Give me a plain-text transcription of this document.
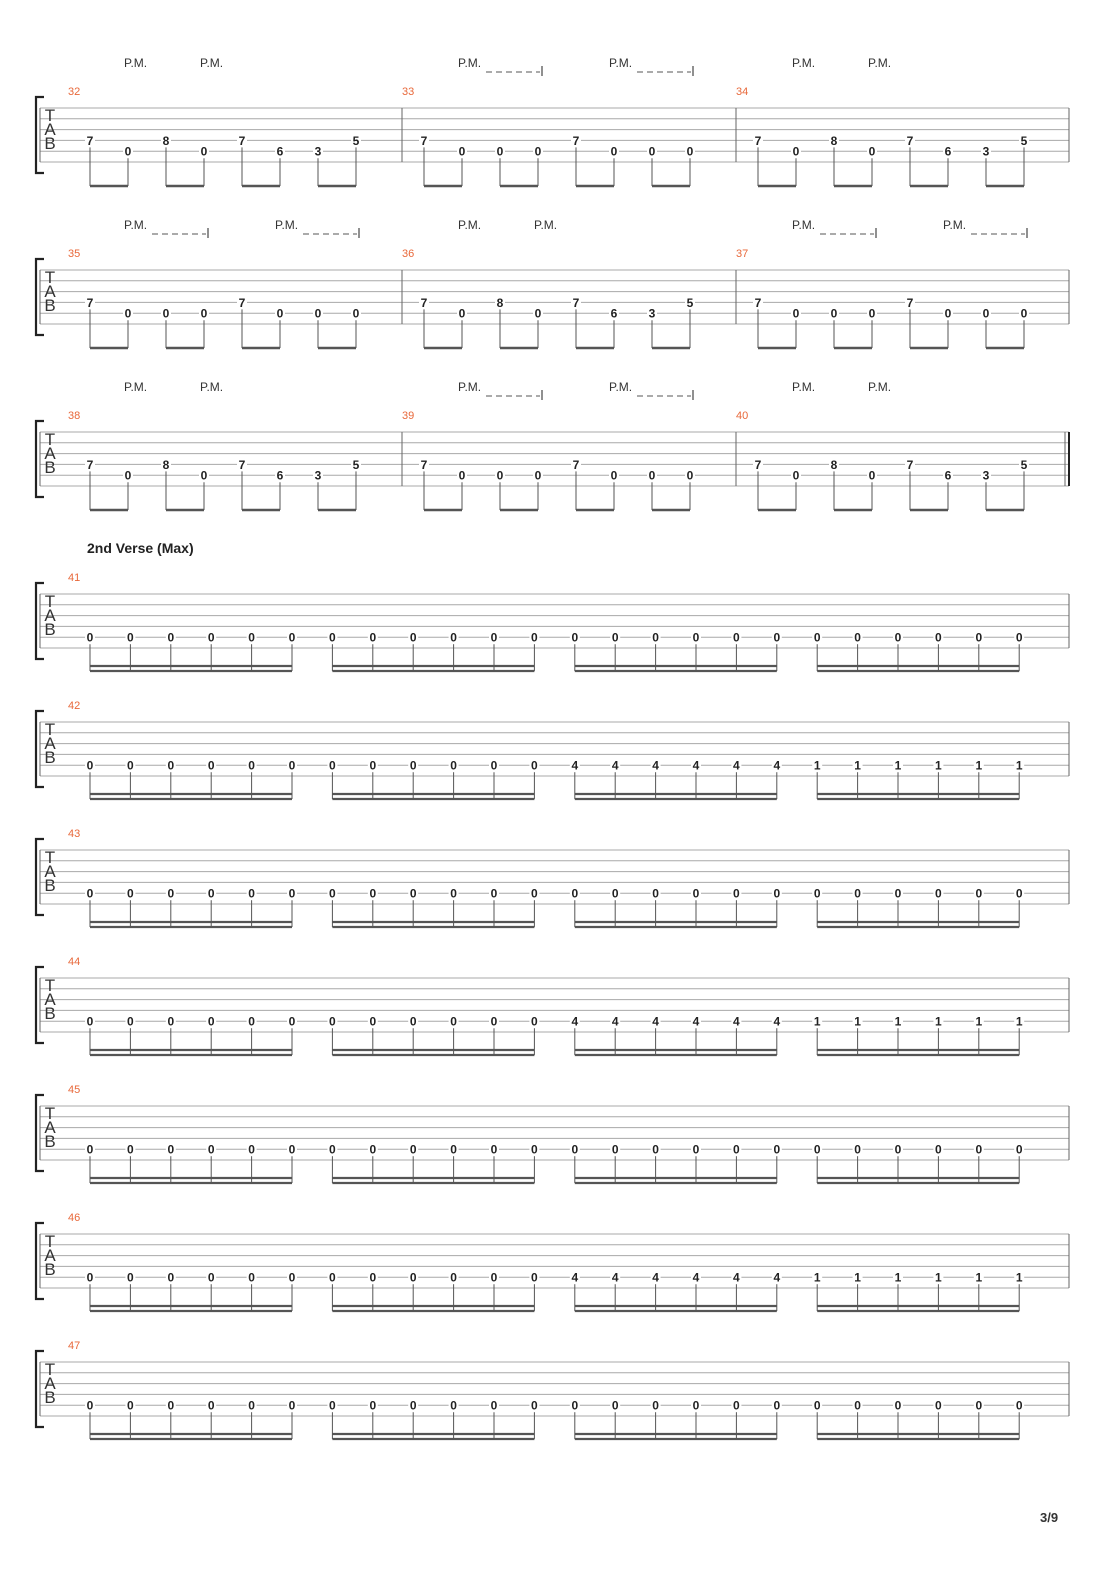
T
A
B
32
P.M.	P.M.
7
0
8
0
7
6	3
5
33
P.M.	P.M.
7
0	0	0
7
0	0	0
34
P.M.	P.M.
7
0
8
0
7
6	3
5
T
A
B
35
P.M.	P.M.
7
0	0	0
7
0	0	0
36
P.M.	P.M.
7
0
8
0
7
6	3
5
37
P.M.	P.M.
7
0	0	0
7
0	0	0
T
A
B
38
P.M.	P.M.
7
0
8
0
7
6	3
5
39
P.M.	P.M.
7
0	0	0
7
0	0	0
40
P.M.	P.M.
7
0
8
0
7
6	3
5
2nd Verse (Max)
T
A
B
41
0	0	0	0	0	0	0	0	0	0	0	0	0	0	0	0	0	0	0	0	0	0	0	0
T
A
B
42
0	0	0	0	0	0	0	0	0	0	0	0	4	4	4	4	4	4	1	1	1	1	1	1
T
A
B
43
0	0	0	0	0	0	0	0	0	0	0	0	0	0	0	0	0	0	0	0	0	0	0	0
T
A
B
44
0	0	0	0	0	0	0	0	0	0	0	0	4	4	4	4	4	4	1	1	1	1	1	1
T
A
B
45
0	0	0	0	0	0	0	0	0	0	0	0	0	0	0	0	0	0	0	0	0	0	0	0
T
A
B
46
0	0	0	0	0	0	0	0	0	0	0	0	4	4	4	4	4	4	1	1	1	1	1	1
T
A
B
47
0	0	0	0	0	0	0	0	0	0	0	0	0	0	0	0	0	0	0	0	0	0	0	0
3/9
